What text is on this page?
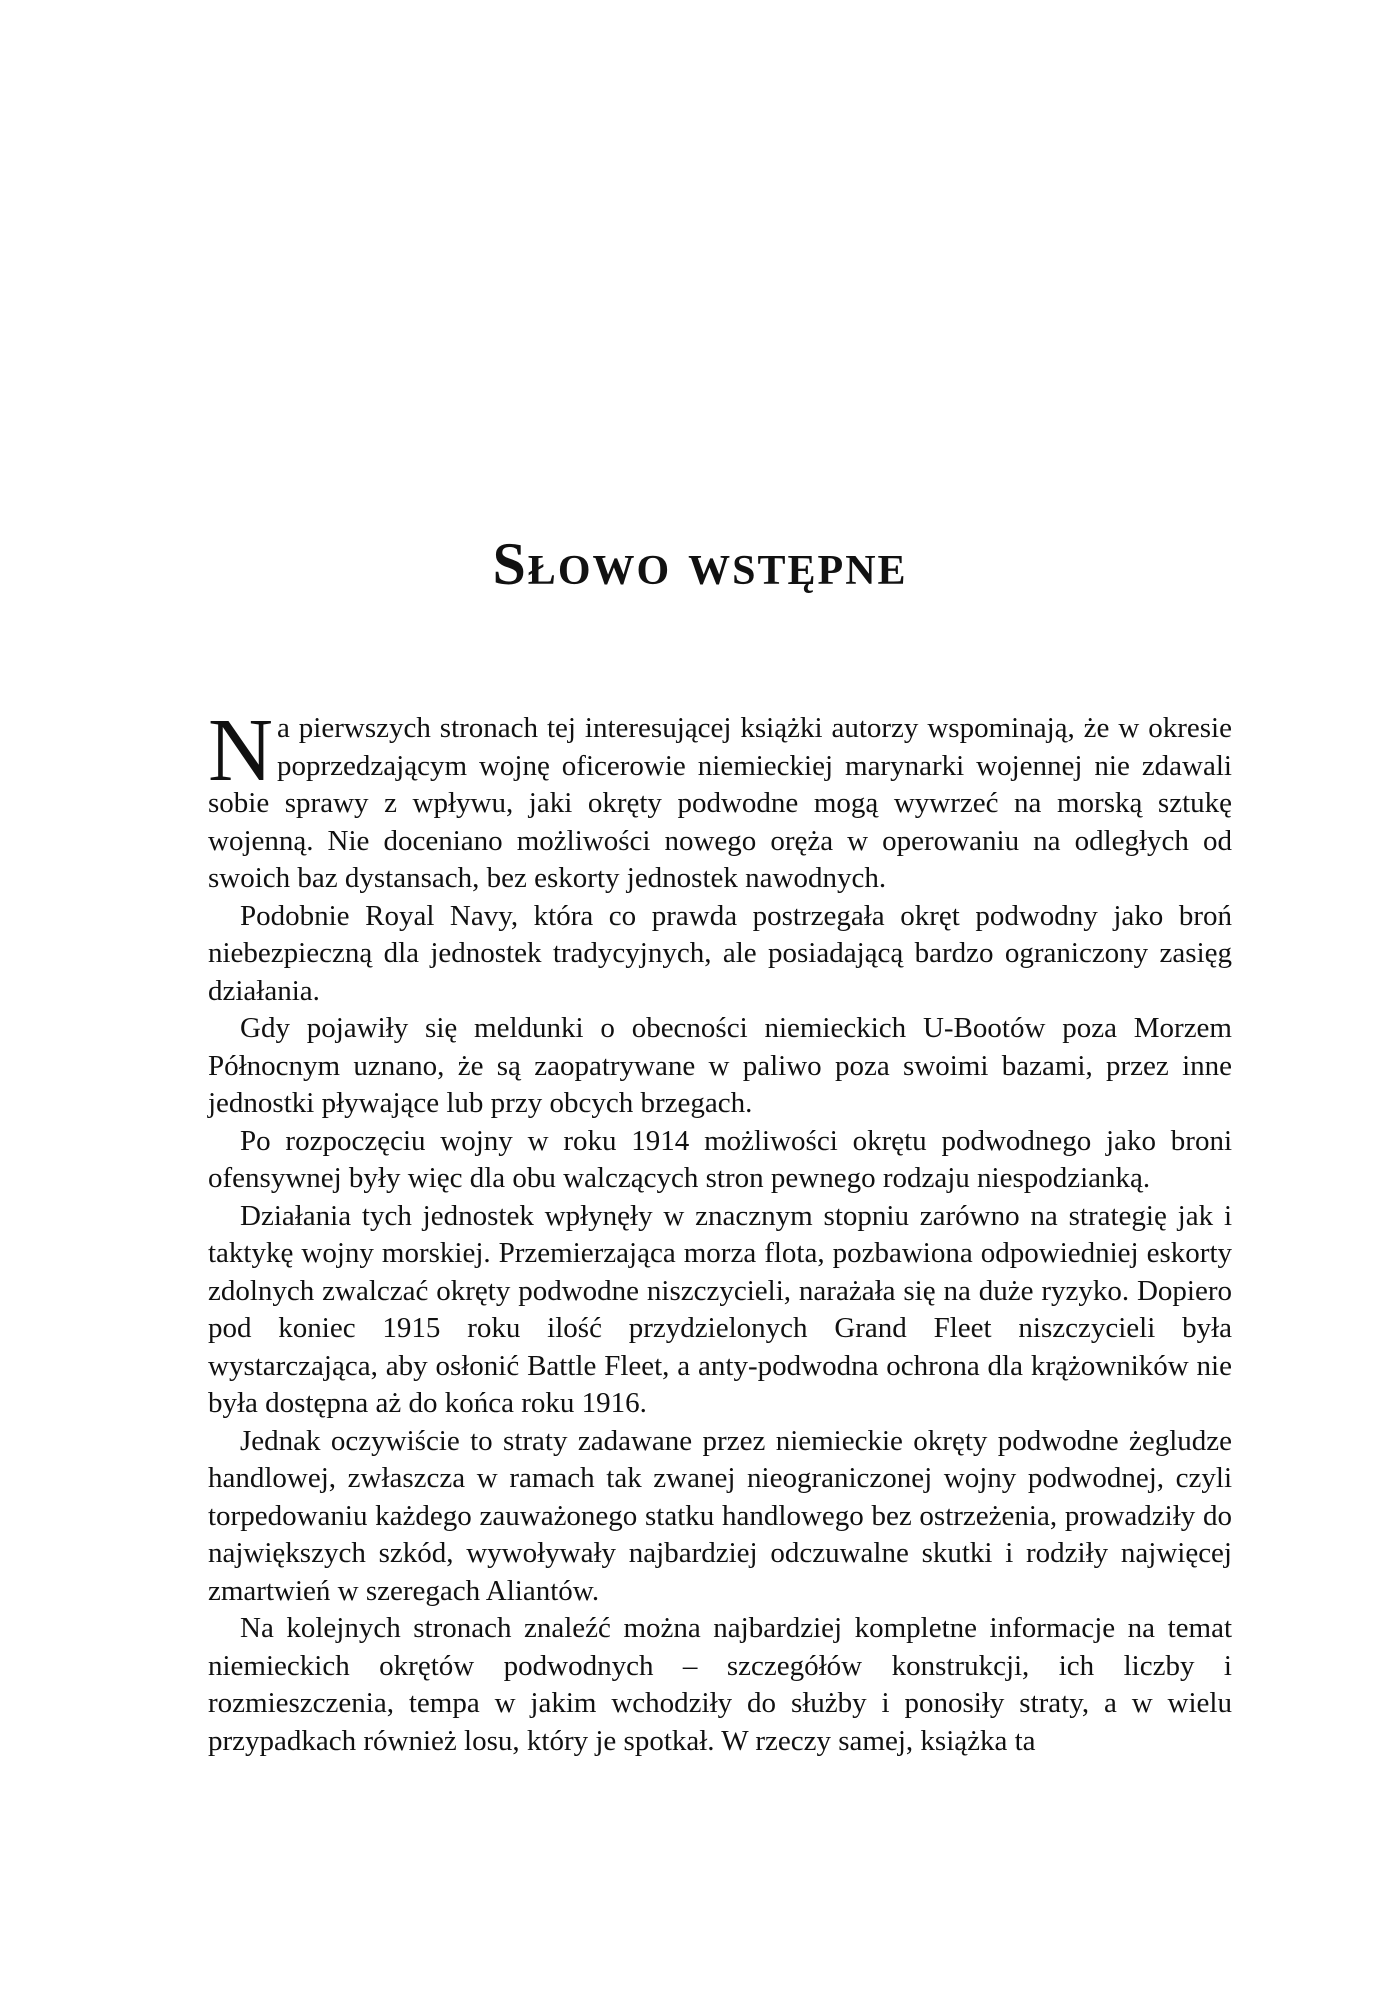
Słowo wstępne

Na pierwszych stronach tej interesującej książki autorzy wspominają, że w okresie poprzedzającym wojnę oficerowie niemieckiej marynarki wojennej nie zdawali sobie sprawy z wpływu, jaki okręty podwodne mogą wywrzeć na morską sztukę wojenną. Nie doceniano możliwości nowego oręża w operowaniu na odległych od swoich baz dystansach, bez eskorty jednostek nawodnych.

Podobnie Royal Navy, która co prawda postrzegała okręt podwodny jako broń niebezpieczną dla jednostek tradycyjnych, ale posiadającą bardzo ograniczony zasięg działania.

Gdy pojawiły się meldunki o obecności niemieckich U-Bootów poza Morzem Północnym uznano, że są zaopatrywane w paliwo poza swoimi bazami, przez inne jednostki pływające lub przy obcych brzegach.

Po rozpoczęciu wojny w roku 1914 możliwości okrętu podwodnego jako broni ofensywnej były więc dla obu walczących stron pewnego rodzaju niespodzianką.

Działania tych jednostek wpłynęły w znacznym stopniu zarówno na strategię jak i taktykę wojny morskiej. Przemierzająca morza flota, pozbawiona odpowiedniej eskorty zdolnych zwalczać okręty podwodne niszczycieli, narażała się na duże ryzyko. Dopiero pod koniec 1915 roku ilość przydzielonych Grand Fleet niszczycieli była wystarczająca, aby osłonić Battle Fleet, a anty-podwodna ochrona dla krążowników nie była dostępna aż do końca roku 1916.

Jednak oczywiście to straty zadawane przez niemieckie okręty podwodne żegludze handlowej, zwłaszcza w ramach tak zwanej nieograniczonej wojny podwodnej, czyli torpedowaniu każdego zauważonego statku handlowego bez ostrzeżenia, prowadziły do największych szkód, wywoływały najbardziej odczuwalne skutki i rodziły najwięcej zmartwień w szeregach Aliantów.

Na kolejnych stronach znaleźć można najbardziej kompletne informacje na temat niemieckich okrętów podwodnych – szczegółów konstrukcji, ich liczby i rozmieszczenia, tempa w jakim wchodziły do służby i ponosiły straty, a w wielu przypadkach również losu, który je spotkał. W rzeczy samej, książka ta
